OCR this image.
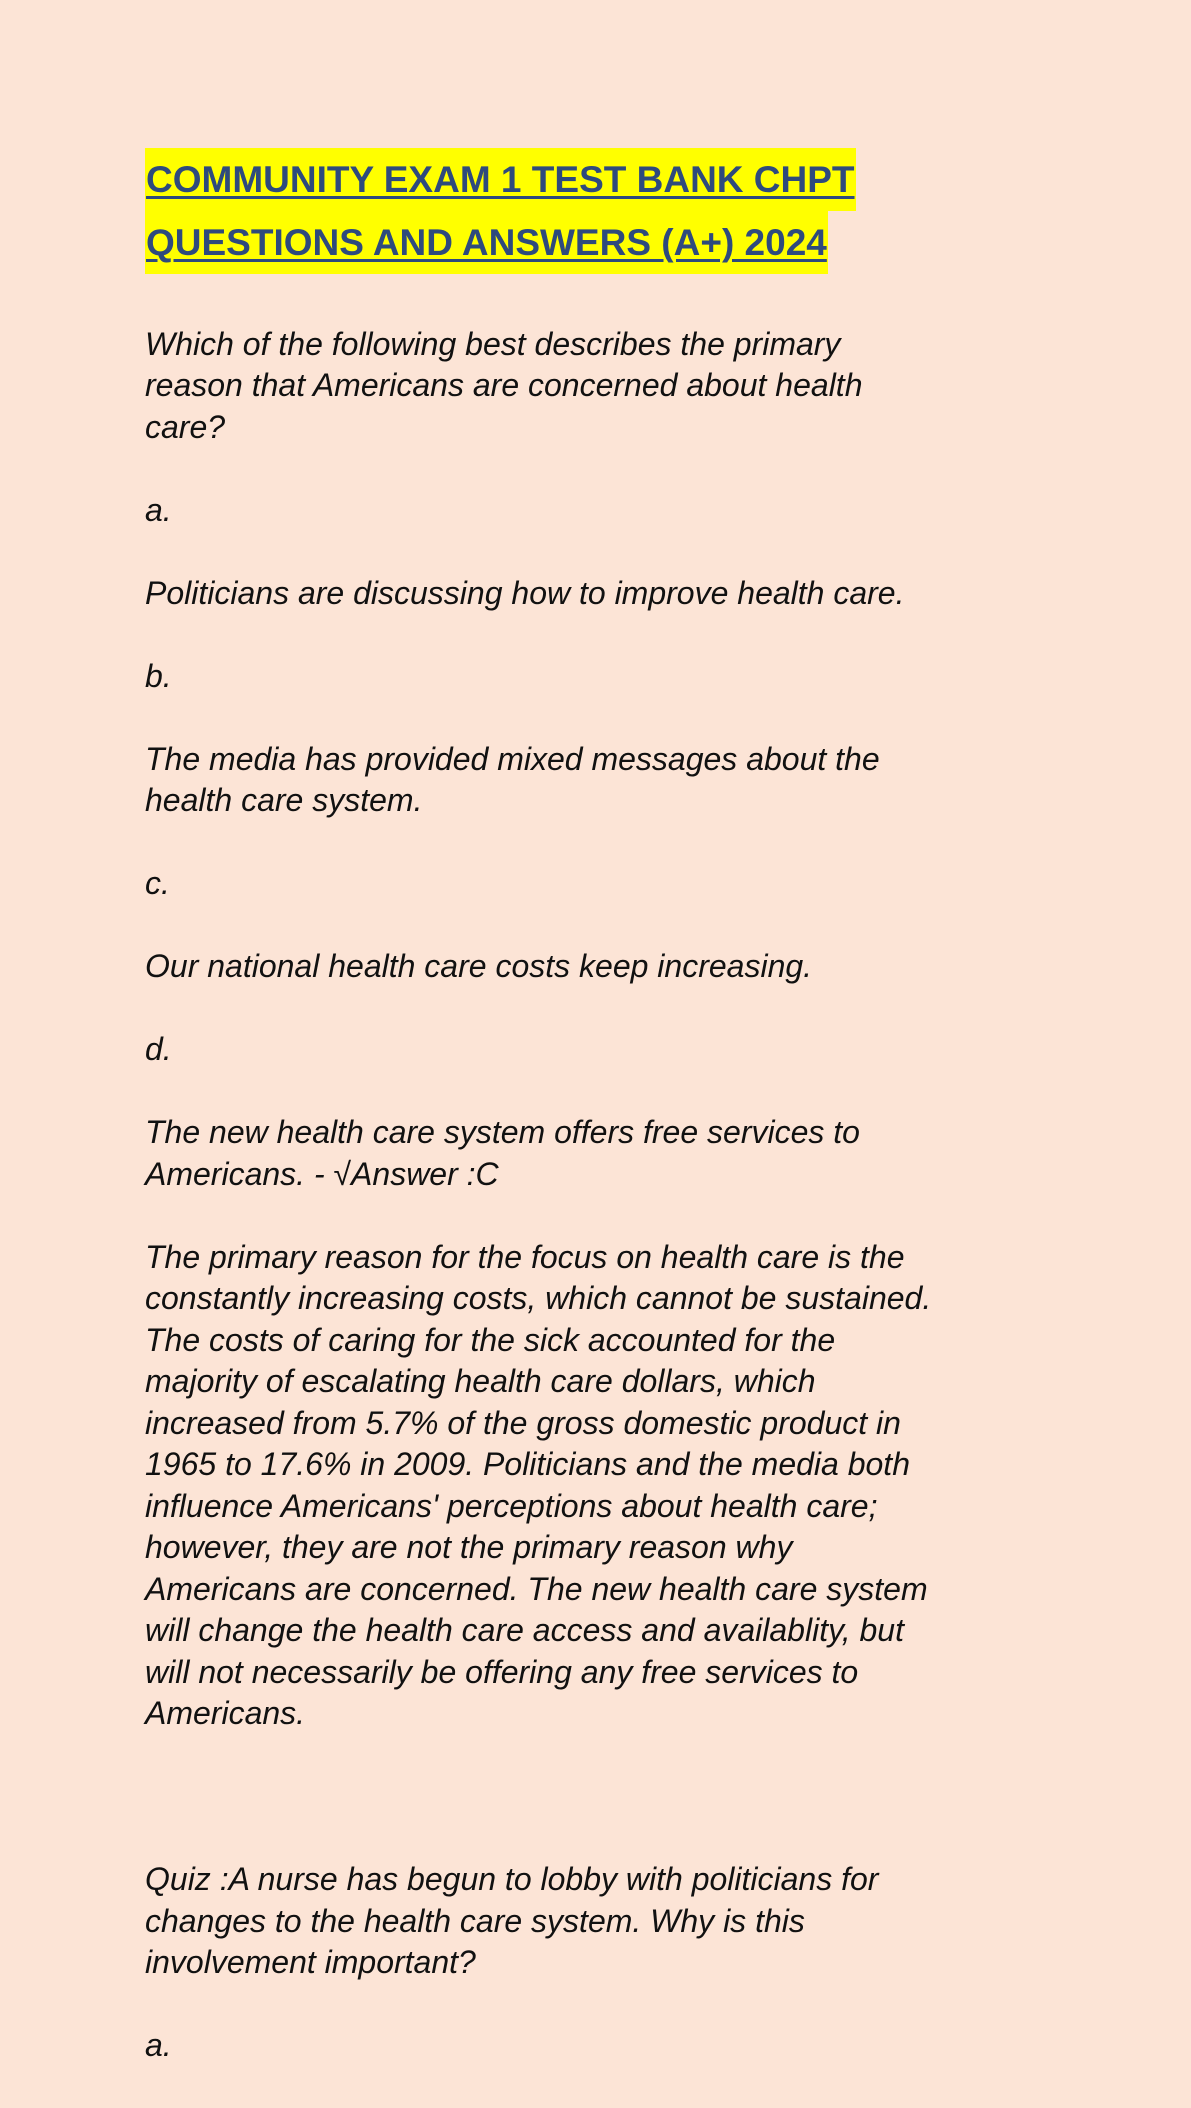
COMMUNITY EXAM 1 TEST BANK CHPT
QUESTIONS AND ANSWERS (A+) 2024

Which of the following best describes the primary
reason that Americans are concerned about health
care?

a.

Politicians are discussing how to improve health care.

b.

The media has provided mixed messages about the
health care system.

c.

Our national health care costs keep increasing.

d.

The new health care system offers free services to
Americans. - √Answer :C

The primary reason for the focus on health care is the
constantly increasing costs, which cannot be sustained.
The costs of caring for the sick accounted for the
majority of escalating health care dollars, which
increased from 5.7% of the gross domestic product in
1965 to 17.6% in 2009. Politicians and the media both
influence Americans' perceptions about health care;
however, they are not the primary reason why
Americans are concerned. The new health care system
will change the health care access and availablity, but
will not necessarily be offering any free services to
Americans.

Quiz :A nurse has begun to lobby with politicians for
changes to the health care system. Why is this
involvement important?

a.
